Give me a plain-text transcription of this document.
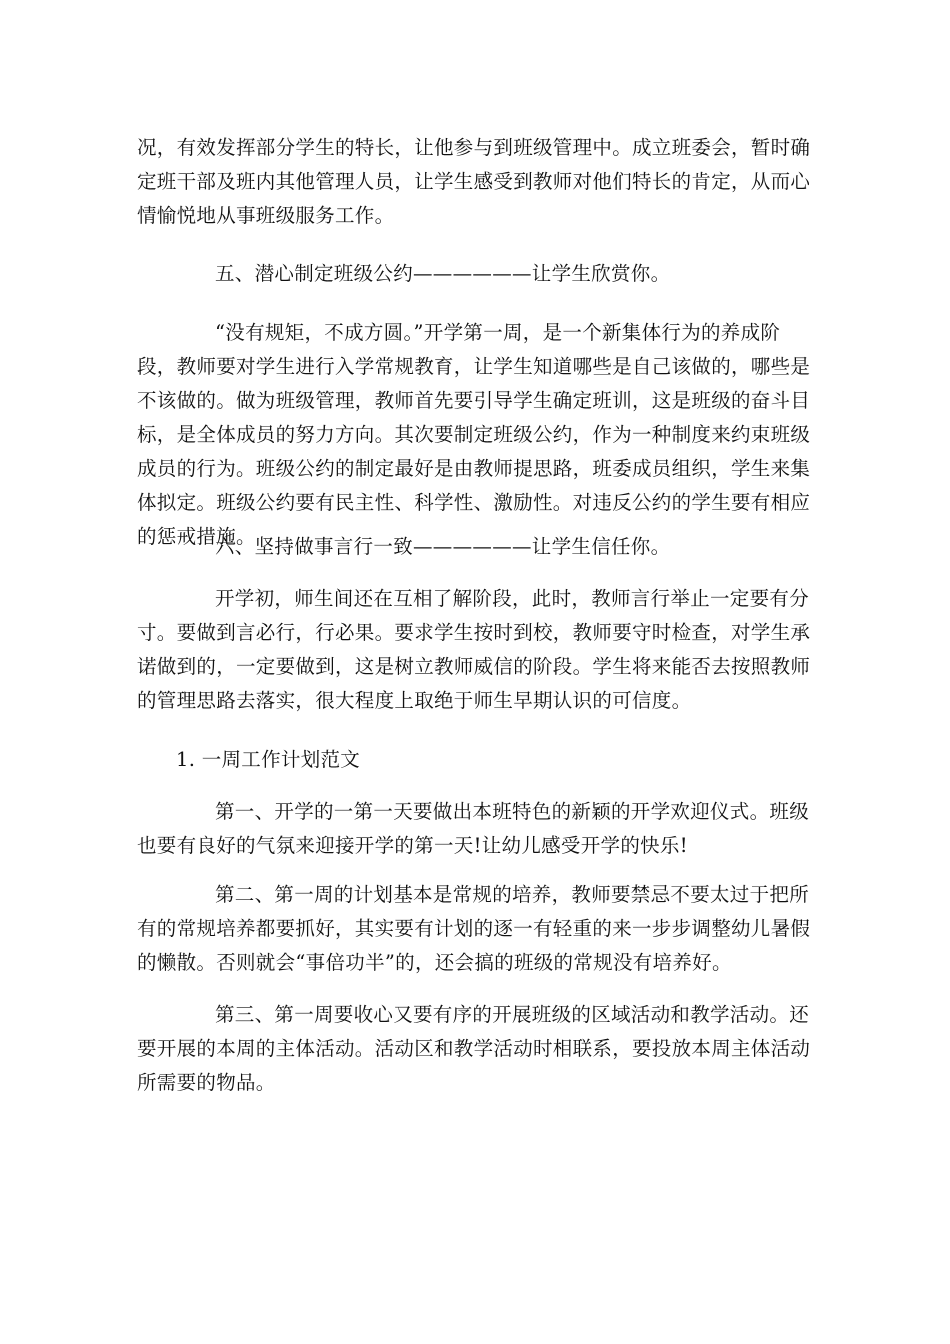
况，有效发挥部分学生的特长，让他参与到班级管理中。成立班委会，暂时确定班干部及班内其他管理人员，让学生感受到教师对他们特长的肯定，从而心情愉悦地从事班级服务工作。

五、潜心制定班级公约——————让学生欣赏你。

“没有规矩，不成方圆。”开学第一周，是一个新集体行为的养成阶段，教师要对学生进行入学常规教育，让学生知道哪些是自己该做的，哪些是不该做的。做为班级管理，教师首先要引导学生确定班训，这是班级的奋斗目标，是全体成员的努力方向。其次要制定班级公约，作为一种制度来约束班级成员的行为。班级公约的制定最好是由教师提思路，班委成员组织，学生来集体拟定。班级公约要有民主性、科学性、激励性。对违反公约的学生要有相应的惩戒措施。

六、坚持做事言行一致——————让学生信任你。

开学初，师生间还在互相了解阶段，此时，教师言行举止一定要有分寸。要做到言必行，行必果。要求学生按时到校，教师要守时检查，对学生承诺做到的，一定要做到，这是树立教师威信的阶段。学生将来能否去按照教师的管理思路去落实，很大程度上取绝于师生早期认识的可信度。

1. 一周工作计划范文

第一、开学的一第一天要做出本班特色的新颖的开学欢迎仪式。班级也要有良好的气氛来迎接开学的第一天!让幼儿感受开学的快乐!

第二、第一周的计划基本是常规的培养，教师要禁忌不要太过于把所有的常规培养都要抓好，其实要有计划的逐一有轻重的来一步步调整幼儿暑假的懒散。否则就会“事倍功半”的，还会搞的班级的常规没有培养好。

第三、第一周要收心又要有序的开展班级的区域活动和教学活动。还要开展的本周的主体活动。活动区和教学活动时相联系，要投放本周主体活动所需要的物品。
